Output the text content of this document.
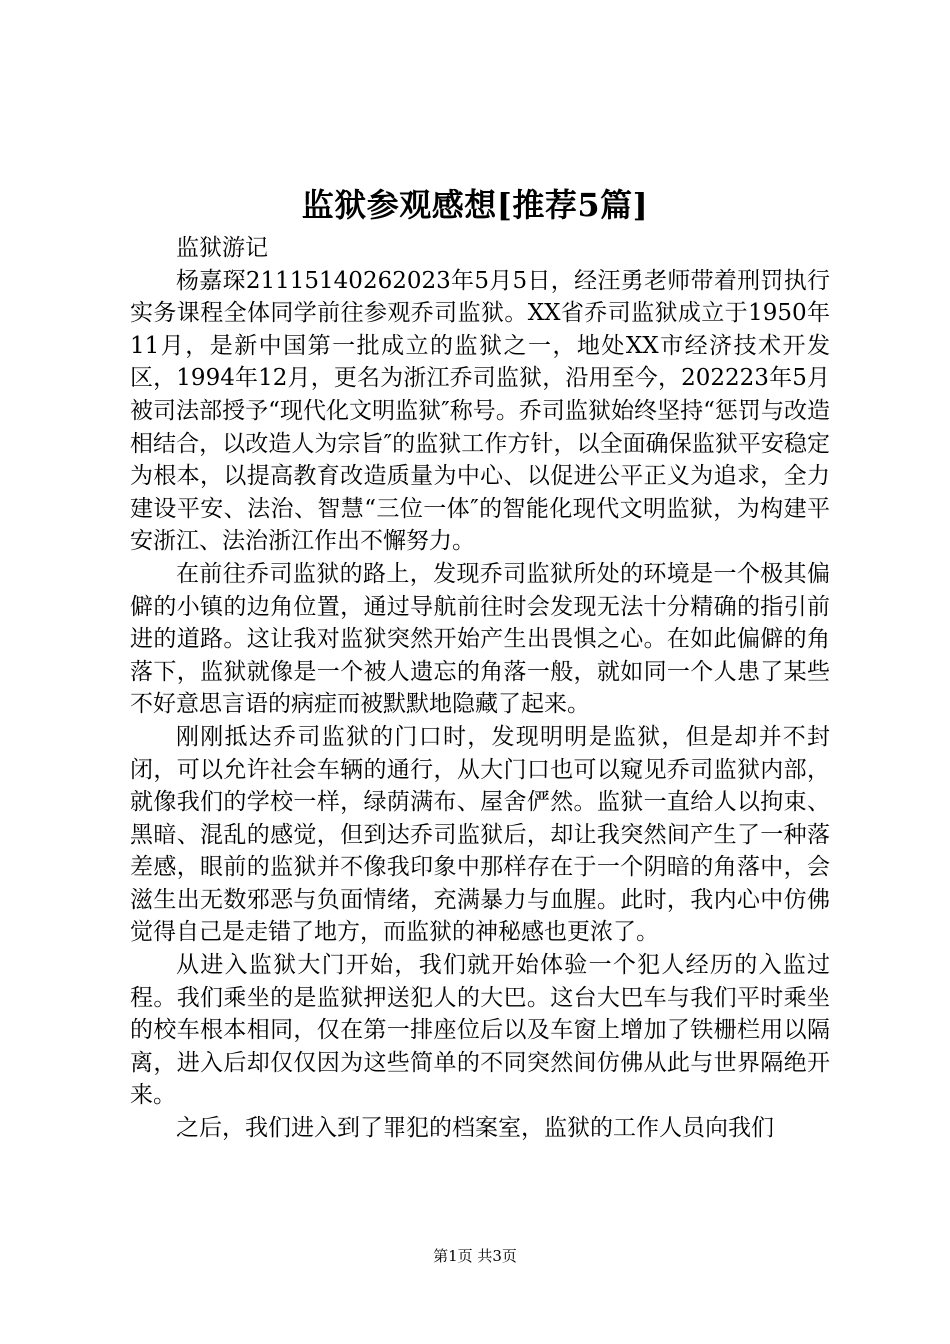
监狱参观感想[推荐5篇]

监狱游记

杨嘉琛21115140262023年5月5日，经汪勇老师带着刑罚执行实务课程全体同学前往参观乔司监狱。XX省乔司监狱成立于1950年11月，是新中国第一批成立的监狱之一，地处XX市经济技术开发区，1994年12月，更名为浙江乔司监狱，沿用至今，202223年5月被司法部授予“现代化文明监狱″称号。乔司监狱始终坚持“惩罚与改造相结合，以改造人为宗旨″的监狱工作方针，以全面确保监狱平安稳定为根本，以提高教育改造质量为中心、以促进公平正义为追求，全力建设平安、法治、智慧“三位一体″的智能化现代文明监狱，为构建平安浙江、法治浙江作出不懈努力。

在前往乔司监狱的路上，发现乔司监狱所处的环境是一个极其偏僻的小镇的边角位置，通过导航前往时会发现无法十分精确的指引前进的道路。这让我对监狱突然开始产生出畏惧之心。在如此偏僻的角落下，监狱就像是一个被人遗忘的角落一般，就如同一个人患了某些不好意思言语的病症而被默默地隐藏了起来。

刚刚抵达乔司监狱的门口时，发现明明是监狱，但是却并不封闭，可以允许社会车辆的通行，从大门口也可以窥见乔司监狱内部，就像我们的学校一样，绿荫满布、屋舍俨然。监狱一直给人以拘束、黑暗、混乱的感觉，但到达乔司监狱后，却让我突然间产生了一种落差感，眼前的监狱并不像我印象中那样存在于一个阴暗的角落中，会滋生出无数邪恶与负面情绪，充满暴力与血腥。此时，我内心中仿佛觉得自己是走错了地方，而监狱的神秘感也更浓了。

从进入监狱大门开始，我们就开始体验一个犯人经历的入监过程。我们乘坐的是监狱押送犯人的大巴。这台大巴车与我们平时乘坐的校车根本相同，仅在第一排座位后以及车窗上增加了铁栅栏用以隔离，进入后却仅仅因为这些简单的不同突然间仿佛从此与世界隔绝开来。

之后，我们进入到了罪犯的档案室，监狱的工作人员向我们

第1页 共3页
